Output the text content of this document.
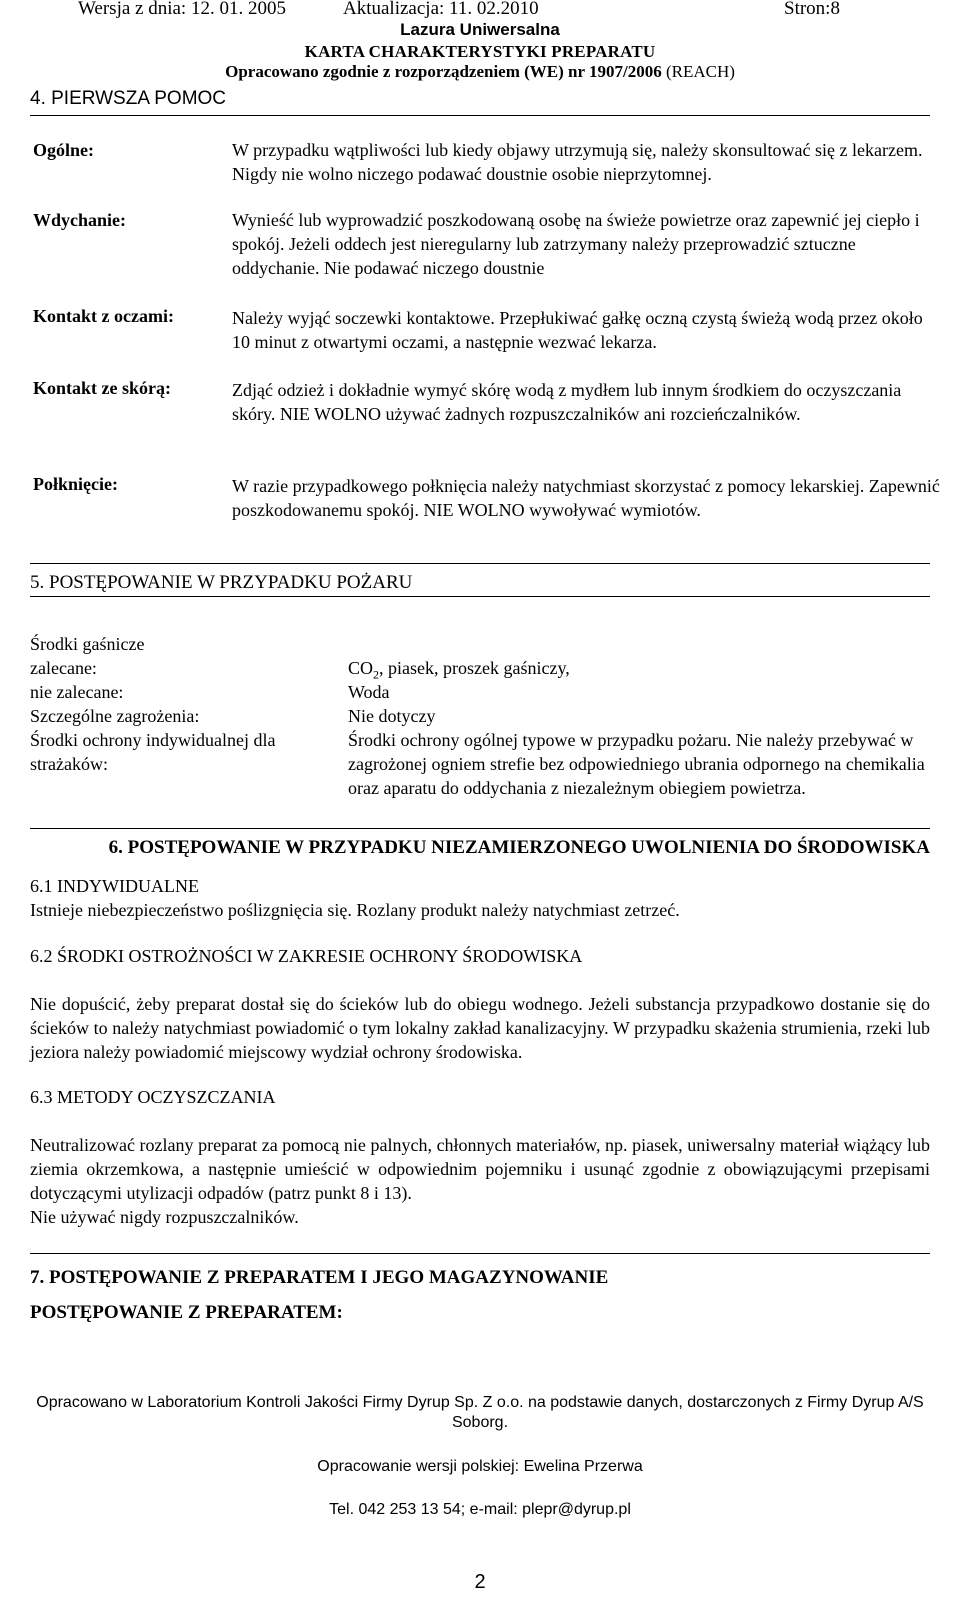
Wersja z dnia: 12. 01. 2005	Aktualizacja: 11. 02.2010	Stron:8
Lazura Uniwersalna
KARTA CHARAKTERYSTYKI PREPARATU
Opracowano zgodnie z rozporządzeniem (WE) nr 1907/2006 (REACH)
4. PIERWSZA POMOC
Ogólne:	W przypadku wątpliwości lub kiedy objawy utrzymują się, należy skonsultować się z lekarzem. Nigdy nie wolno niczego podawać doustnie osobie nieprzytomnej.
Wdychanie:	Wynieść lub wyprowadzić poszkodowaną osobę na świeże powietrze oraz zapewnić jej ciepło i spokój. Jeżeli oddech jest nieregularny lub zatrzymany należy przeprowadzić sztuczne oddychanie. Nie podawać niczego doustnie
Kontakt z oczami:	Należy wyjąć soczewki kontaktowe. Przepłukiwać gałkę oczną czystą świeżą wodą przez około 10 minut z otwartymi oczami, a następnie wezwać lekarza.
Kontakt ze skórą:	Zdjąć odzież i dokładnie wymyć skórę wodą z mydłem lub innym środkiem do oczyszczania skóry. NIE WOLNO używać żadnych rozpuszczalników ani rozcieńczalników.
Połknięcie:	W razie przypadkowego połknięcia należy natychmiast skorzystać z pomocy lekarskiej. Zapewnić poszkodowanemu spokój. NIE WOLNO wywoływać wymiotów.
5. POSTĘPOWANIE W PRZYPADKU POŻARU
Środki gaśnicze
zalecane:	$CO_2$, piasek, proszek gaśniczy,
nie zalecane:	Woda
Szczególne zagrożenia:	Nie dotyczy
Środki ochrony indywidualnej dla strażaków:
Środki ochrony ogólnej typowe w przypadku pożaru. Nie należy przebywać w zagrożonej ogniem strefie bez odpowiedniego ubrania odpornego na chemikalia oraz aparatu do oddychania z niezależnym obiegiem powietrza.
6. POSTĘPOWANIE W PRZYPADKU NIEZAMIERZONEGO UWOLNIENIA DO ŚRODOWISKA
6.1 INDYWIDUALNE
Istnieje niebezpieczeństwo poślizgnięcia się. Rozlany produkt należy natychmiast zetrzeć.
6.2 ŚRODKI OSTROŻNOŚCI W ZAKRESIE OCHRONY ŚRODOWISKA
Nie dopuścić, żeby preparat dostał się do ścieków lub do obiegu wodnego. Jeżeli substancja przypadkowo dostanie się do ścieków to należy natychmiast powiadomić o tym lokalny zakład kanalizacyjny. W przypadku skażenia strumienia, rzeki lub jeziora należy powiadomić miejscowy wydział ochrony środowiska.
6.3 METODY OCZYSZCZANIA
Neutralizować rozlany preparat za pomocą nie palnych, chłonnych materiałów, np. piasek, uniwersalny materiał wiążący lub ziemia okrzemkowa, a następnie umieścić w odpowiednim pojemniku i usunąć zgodnie z obowiązującymi przepisami dotyczącymi utylizacji odpadów (patrz punkt 8 i 13).
Nie używać nigdy rozpuszczalników.
7. POSTĘPOWANIE Z PREPARATEM I JEGO MAGAZYNOWANIE
POSTĘPOWANIE Z PREPARATEM:
Opracowano w Laboratorium Kontroli Jakości Firmy Dyrup Sp. Z o.o. na podstawie danych, dostarczonych z Firmy Dyrup A/S Soborg.
Opracowanie wersji polskiej: Ewelina Przerwa
Tel. 042 253 13 54; e-mail: plepr@dyrup.pl
2
